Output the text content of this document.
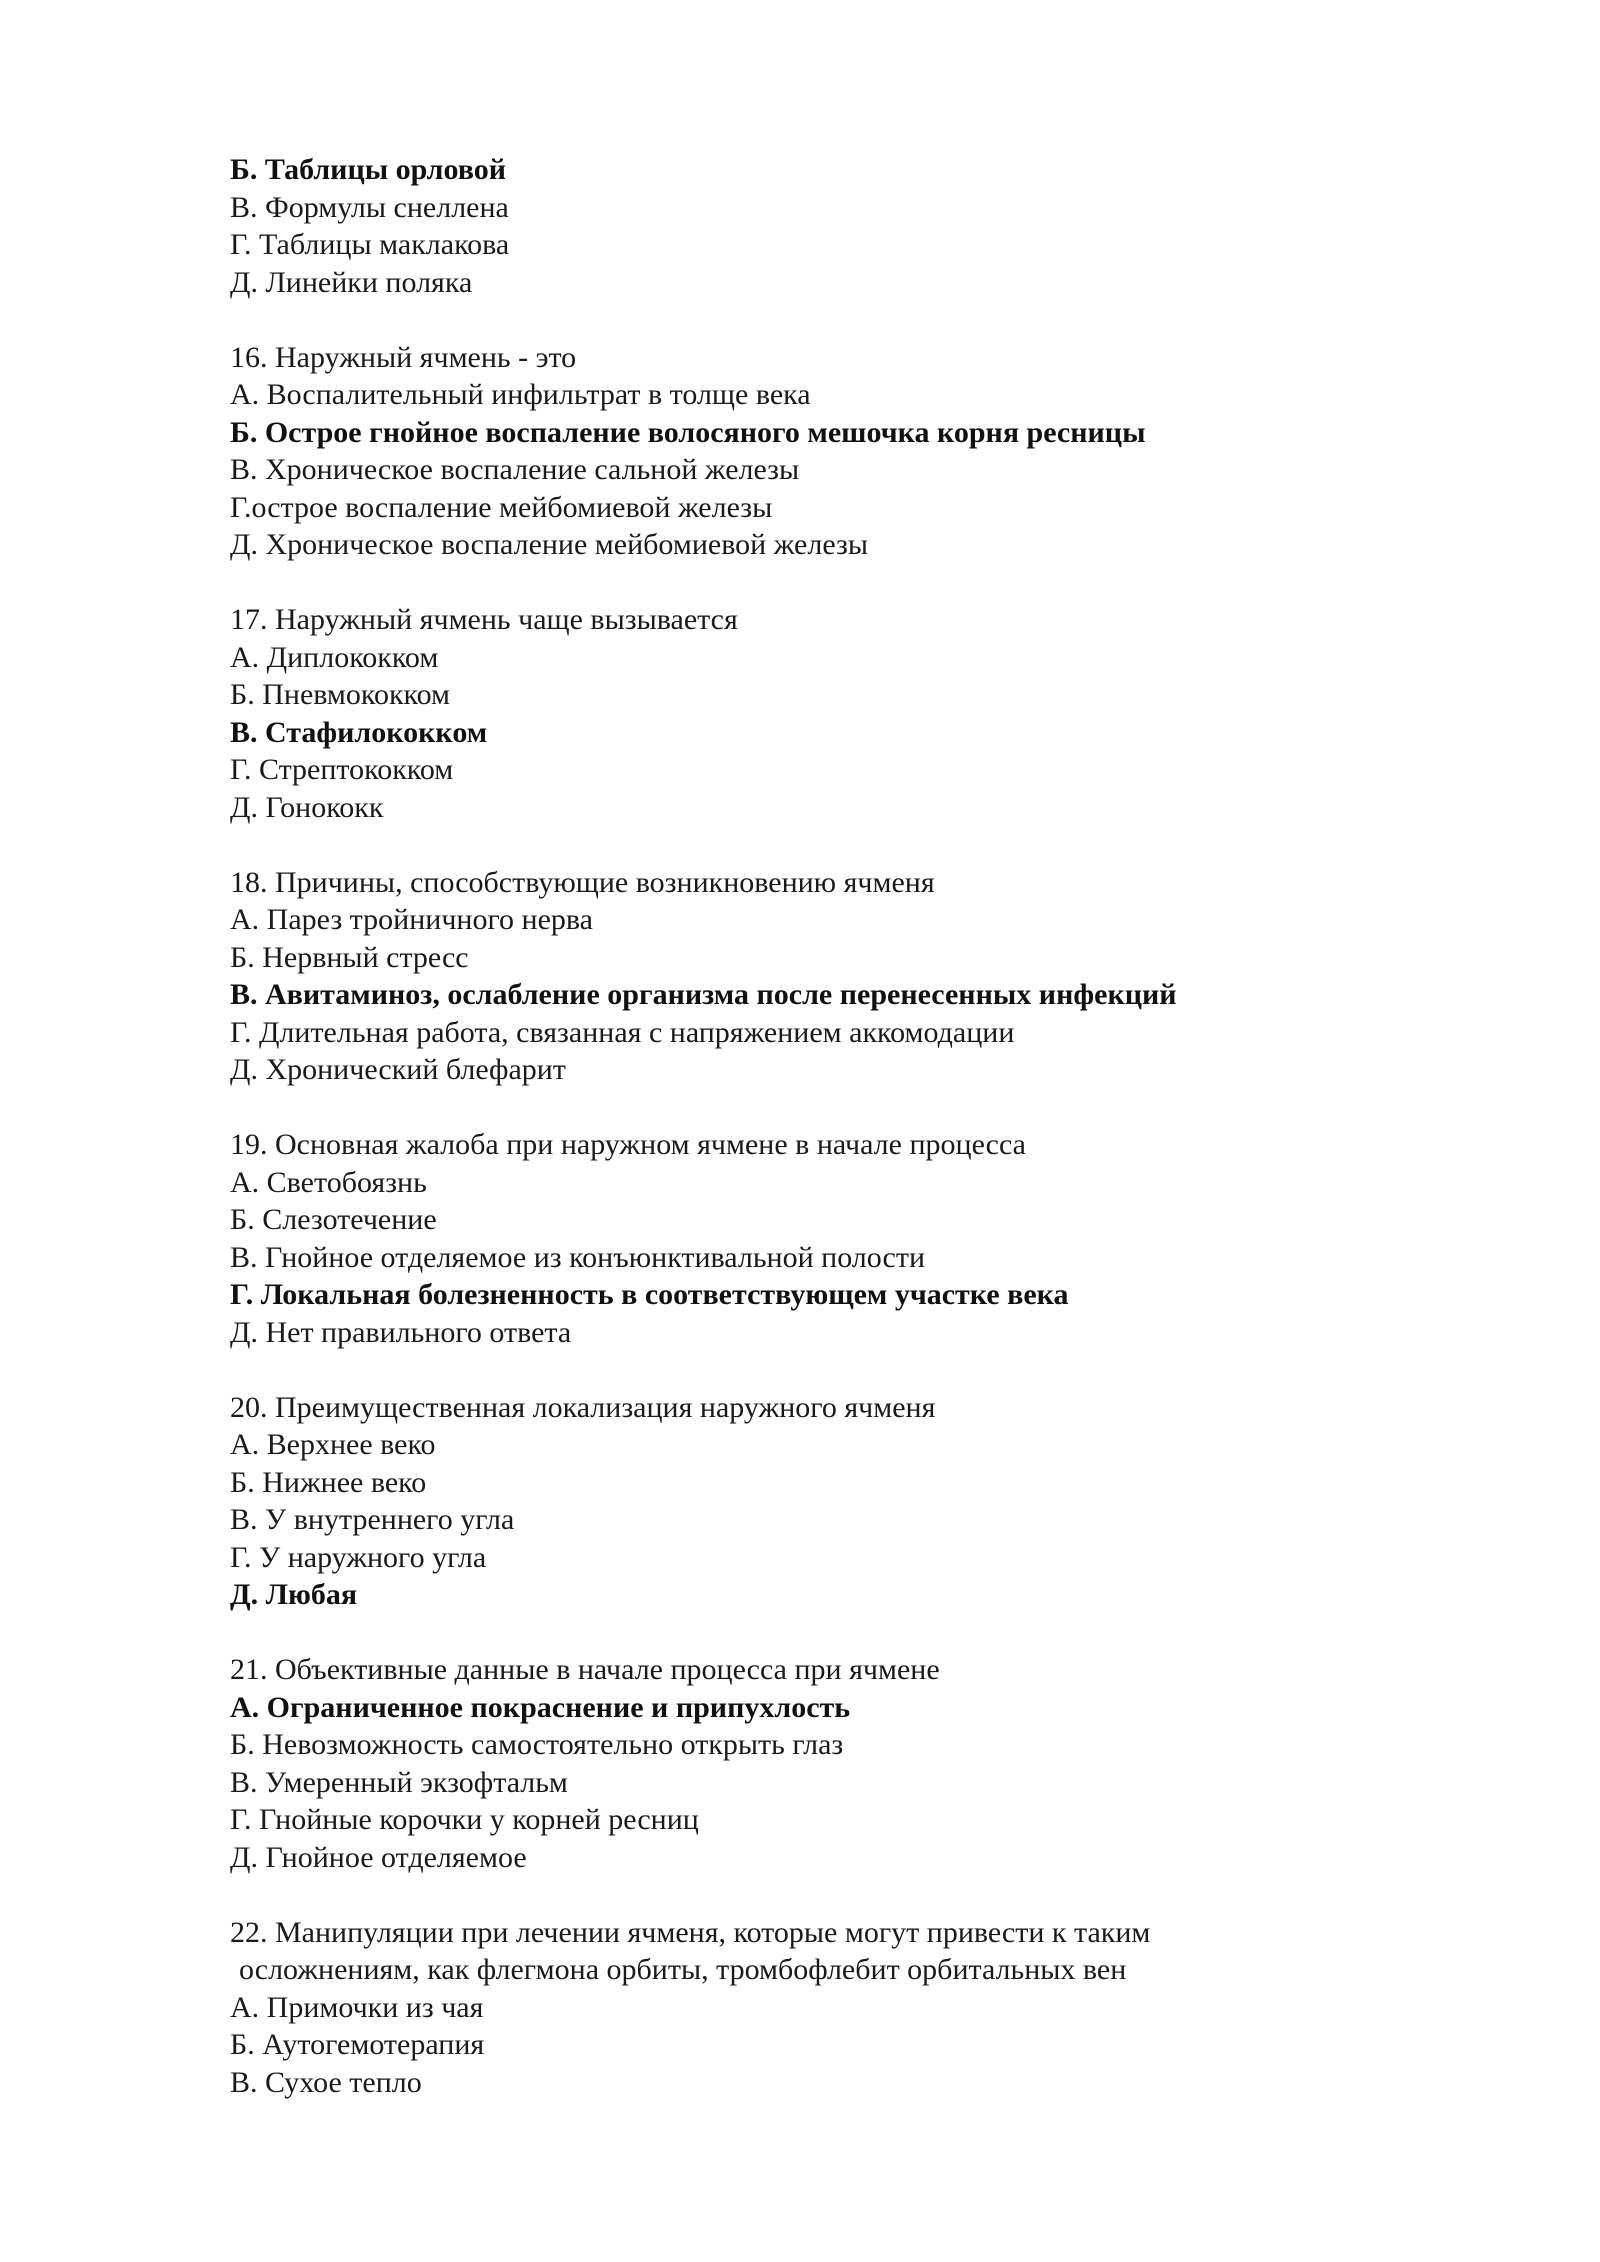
Б. Таблицы орловой
В. Формулы снеллена
Г. Таблицы маклакова
Д. Линейки поляка
16. Наружный ячмень - это
А. Воспалительный инфильтрат в толще века
Б. Острое гнойное воспаление волосяного мешочка корня ресницы
В. Хроническое воспаление сальной железы
Г.острое воспаление мейбомиевой железы
Д. Хроническое воспаление мейбомиевой железы
17. Наружный ячмень чаще вызывается
А. Диплококком
Б. Пневмококком
В. Стафилококком
Г. Стрептококком
Д. Гонококк
18. Причины, способствующие возникновению ячменя
А. Парез тройничного нерва
Б. Нервный стресс
В. Авитаминоз, ослабление организма после перенесенных инфекций
Г. Длительная работа, связанная с напряжением аккомодации
Д. Хронический блефарит
19. Основная жалоба при наружном ячмене в начале процесса
А. Светобоязнь
Б. Слезотечение
В. Гнойное отделяемое из конъюнктивальной полости
Г. Локальная болезненность в соответствующем участке века
Д. Нет правильного ответа
20. Преимущественная локализация наружного ячменя
А. Верхнее веко
Б. Нижнее веко
В. У внутреннего угла
Г. У наружного угла
Д. Любая
21. Объективные данные в начале процесса при ячмене
А. Ограниченное покраснение и припухлость
Б. Невозможность самостоятельно открыть глаз
В. Умеренный экзофтальм
Г. Гнойные корочки у корней ресниц
Д. Гнойное отделяемое
22. Манипуляции при лечении ячменя, которые могут привести к таким
осложнениям, как флегмона орбиты, тромбофлебит орбитальных вен
А. Примочки из чая
Б. Аутогемотерапия
В. Сухое тепло
